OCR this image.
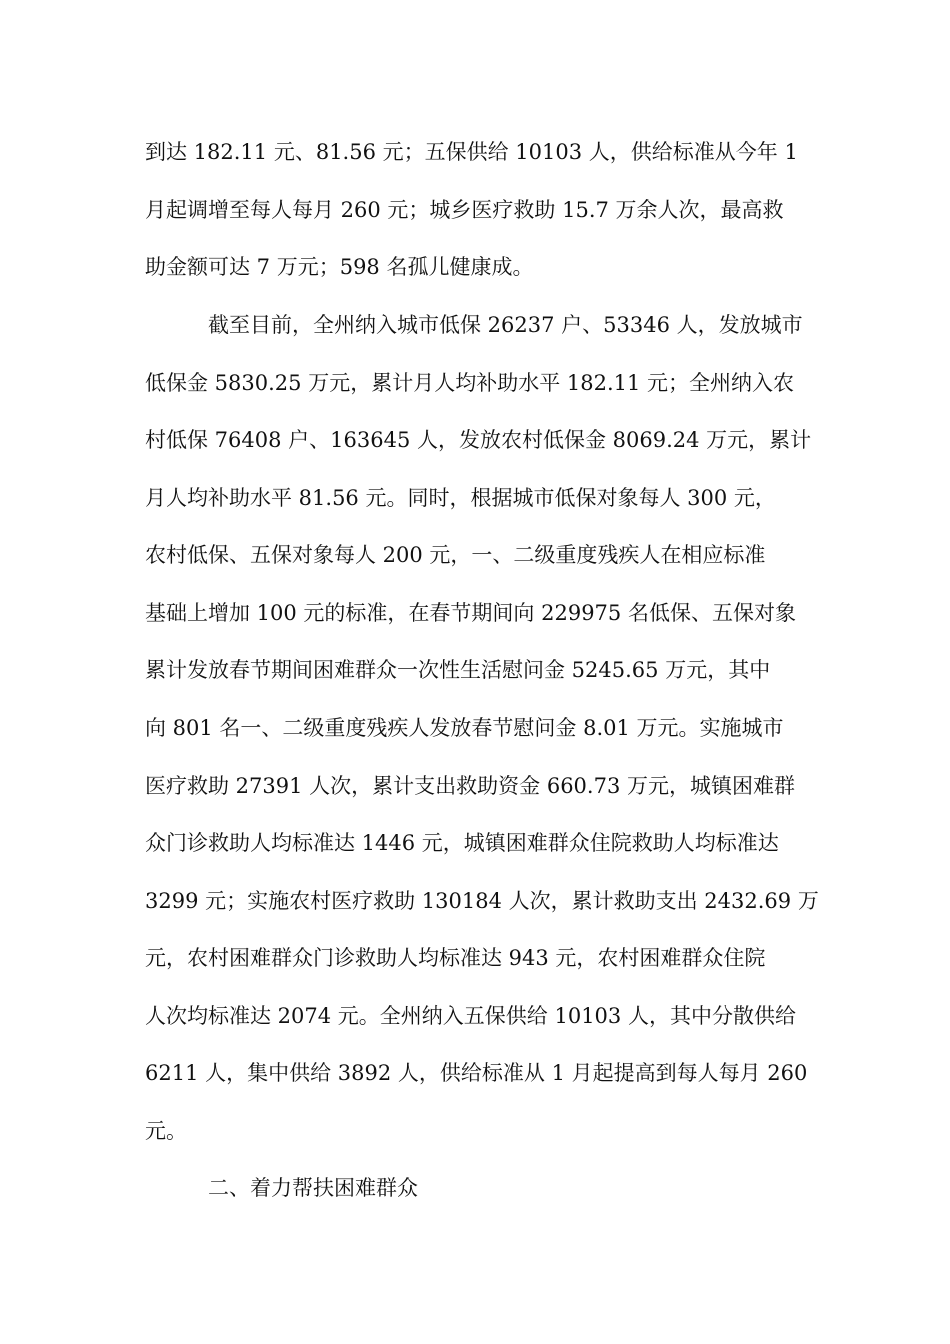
到达 182.11 元、81.56 元；五保供给 10103 人，供给标准从今年 1
月起调增至每人每月 260 元；城乡医疗救助 15.7 万余人次，最高救
助金额可达 7 万元；598 名孤儿健康成。
截至目前，全州纳入城市低保 26237 户、53346 人，发放城市
低保金 5830.25 万元，累计月人均补助水平 182.11 元；全州纳入农
村低保 76408 户、163645 人，发放农村低保金 8069.24 万元，累计
月人均补助水平 81.56 元。同时，根据城市低保对象每人 300 元，
农村低保、五保对象每人 200 元，一、二级重度残疾人在相应标准
基础上增加 100 元的标准，在春节期间向 229975 名低保、五保对象
累计发放春节期间困难群众一次性生活慰问金 5245.65 万元，其中
向 801 名一、二级重度残疾人发放春节慰问金 8.01 万元。实施城市
医疗救助 27391 人次，累计支出救助资金 660.73 万元，城镇困难群
众门诊救助人均标准达 1446 元，城镇困难群众住院救助人均标准达
3299 元；实施农村医疗救助 130184 人次，累计救助支出 2432.69 万
元，农村困难群众门诊救助人均标准达 943 元，农村困难群众住院
人次均标准达 2074 元。全州纳入五保供给 10103 人，其中分散供给
6211 人，集中供给 3892 人，供给标准从 1 月起提高到每人每月 260
元。
二、着力帮扶困难群众
